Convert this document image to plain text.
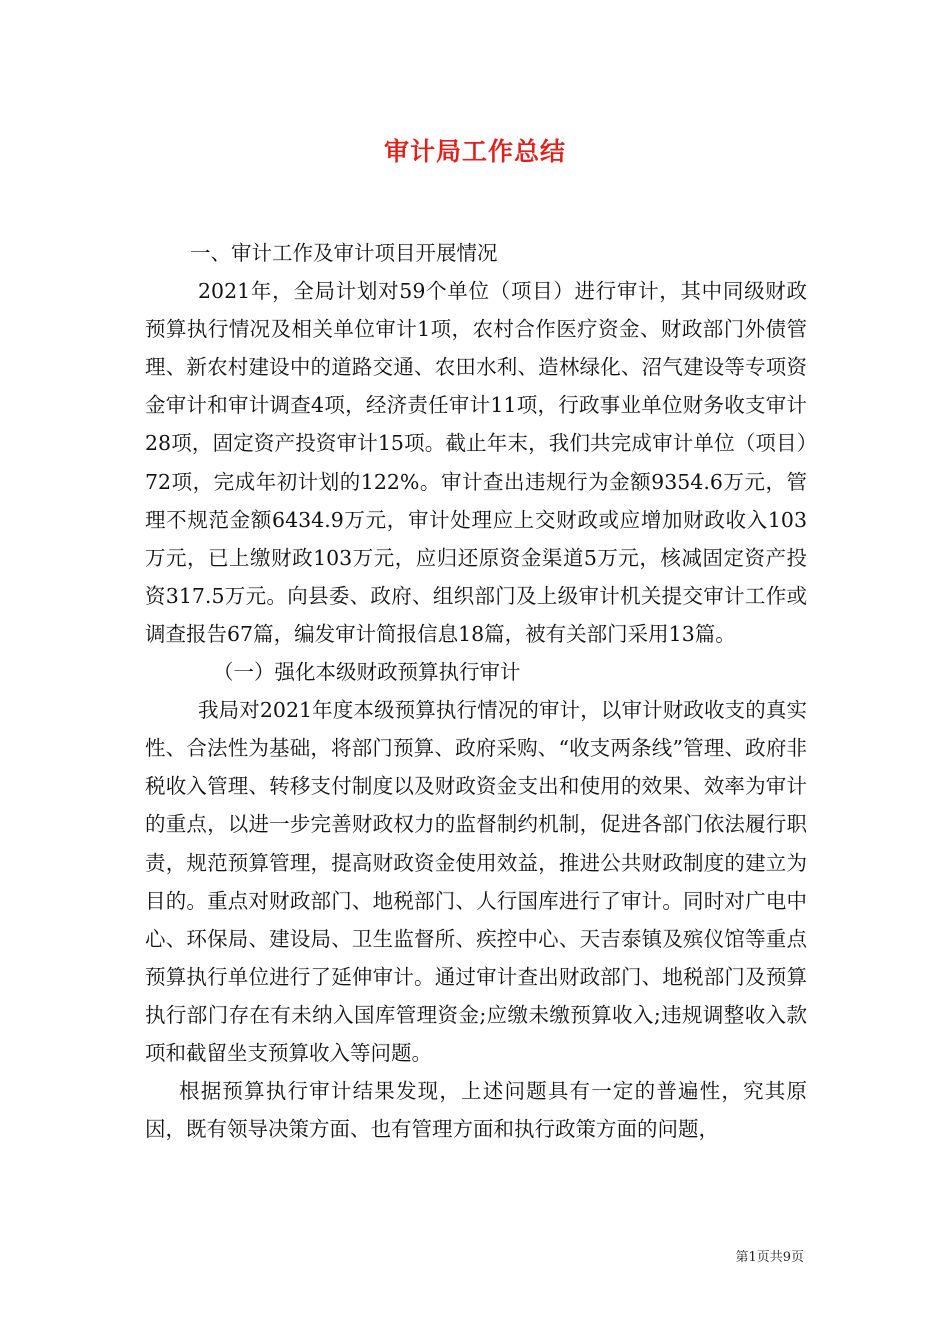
审计局工作总结

一、审计工作及审计项目开展情况

2021年，全局计划对59个单位（项目）进行审计，其中同级财政预算执行情况及相关单位审计1项，农村合作医疗资金、财政部门外债管理、新农村建设中的道路交通、农田水利、造林绿化、沼气建设等专项资金审计和审计调查4项，经济责任审计11项，行政事业单位财务收支审计28项，固定资产投资审计15项。截止年末，我们共完成审计单位（项目）72项，完成年初计划的122%。审计查出违规行为金额9354.6万元，管理不规范金额6434.9万元，审计处理应上交财政或应增加财政收入103万元，已上缴财政103万元，应归还原资金渠道5万元，核减固定资产投资317.5万元。向县委、政府、组织部门及上级审计机关提交审计工作或调查报告67篇，编发审计简报信息18篇，被有关部门采用13篇。

（一）强化本级财政预算执行审计

我局对2021年度本级预算执行情况的审计，以审计财政收支的真实性、合法性为基础，将部门预算、政府采购、“收支两条线”管理、政府非税收入管理、转移支付制度以及财政资金支出和使用的效果、效率为审计的重点，以进一步完善财政权力的监督制约机制，促进各部门依法履行职责，规范预算管理，提高财政资金使用效益，推进公共财政制度的建立为目的。重点对财政部门、地税部门、人行国库进行了审计。同时对广电中心、环保局、建设局、卫生监督所、疾控中心、天吉泰镇及殡仪馆等重点预算执行单位进行了延伸审计。通过审计查出财政部门、地税部门及预算执行部门存在有未纳入国库管理资金;应缴未缴预算收入;违规调整收入款项和截留坐支预算收入等问题。

根据预算执行审计结果发现，上述问题具有一定的普遍性，究其原因，既有领导决策方面、也有管理方面和执行政策方面的问题，

第1页共9页
